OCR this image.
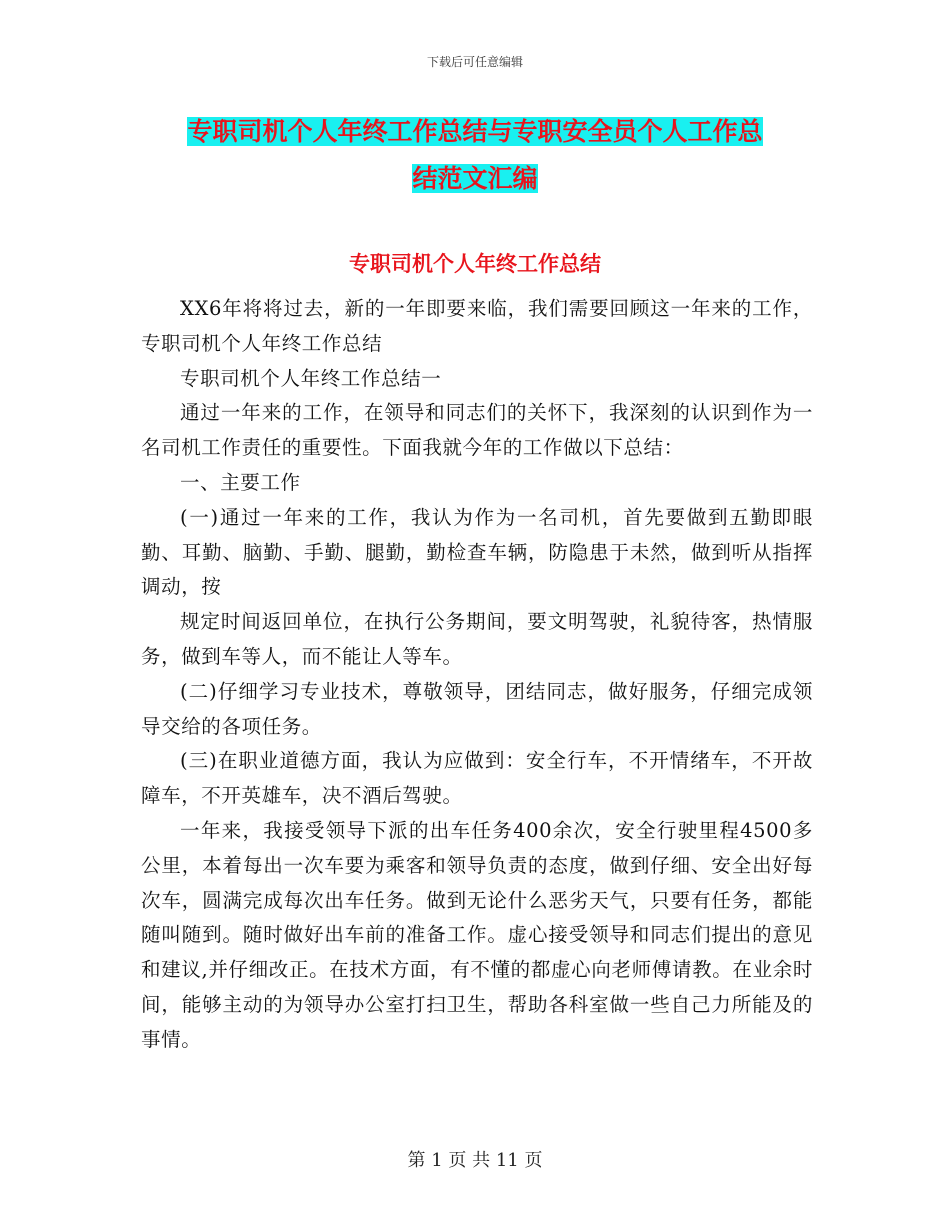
下载后可任意编辑
专职司机个人年终工作总结与专职安全员个人工作总
结范文汇编
专职司机个人年终工作总结

XX6年将将过去，新的一年即要来临，我们需要回顾这一年来的工作，专职司机个人年终工作总结

专职司机个人年终工作总结一

通过一年来的工作，在领导和同志们的关怀下，我深刻的认识到作为一名司机工作责任的重要性。下面我就今年的工作做以下总结：

一、主要工作

(一)通过一年来的工作，我认为作为一名司机，首先要做到五勤即眼勤、耳勤、脑勤、手勤、腿勤，勤检查车辆，防隐患于未然，做到听从指挥调动，按

规定时间返回单位，在执行公务期间，要文明驾驶，礼貌待客，热情服务，做到车等人，而不能让人等车。

(二)仔细学习专业技术，尊敬领导，团结同志，做好服务，仔细完成领导交给的各项任务。

(三)在职业道德方面，我认为应做到：安全行车，不开情绪车，不开故障车，不开英雄车，决不酒后驾驶。

一年来，我接受领导下派的出车任务400余次，安全行驶里程4500多公里，本着每出一次车要为乘客和领导负责的态度，做到仔细、安全出好每次车，圆满完成每次出车任务。做到无论什么恶劣天气，只要有任务，都能随叫随到。随时做好出车前的准备工作。虚心接受领导和同志们提出的意见和建议,并仔细改正。在技术方面，有不懂的都虚心向老师傅请教。在业余时间，能够主动的为领导办公室打扫卫生，帮助各科室做一些自己力所能及的事情。

第 1 页 共 11 页
